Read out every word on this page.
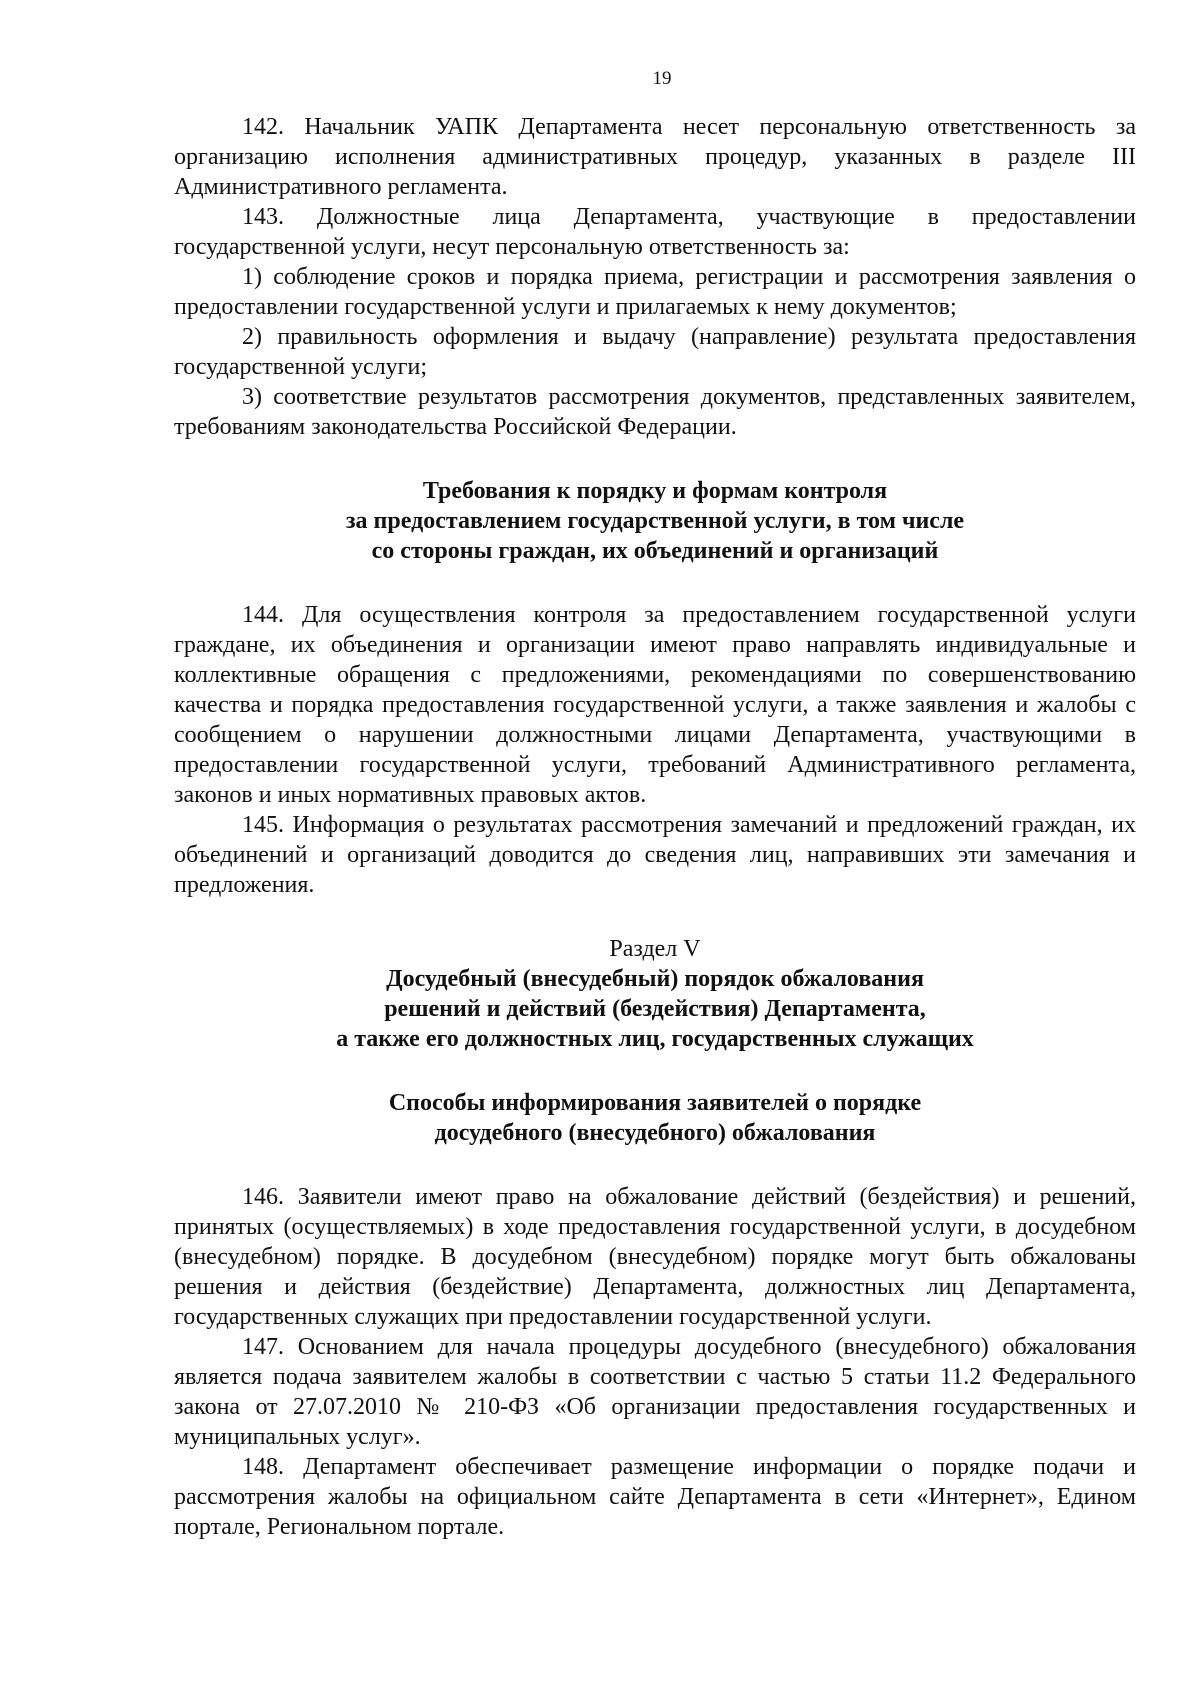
19

142. Начальник УАПК Департамента несет персональную ответственность за организацию исполнения административных процедур, указанных в разделе III Административного регламента.

143. Должностные лица Департамента, участвующие в предоставлении государственной услуги, несут персональную ответственность за:

1) соблюдение сроков и порядка приема, регистрации и рассмотрения заявления о предоставлении государственной услуги и прилагаемых к нему документов;

2) правильность оформления и выдачу (направление) результата предоставления государственной услуги;

3) соответствие результатов рассмотрения документов, представленных заявителем, требованиям законодательства Российской Федерации.

Требования к порядку и формам контроля
за предоставлением государственной услуги, в том числе
со стороны граждан, их объединений и организаций

144. Для осуществления контроля за предоставлением государственной услуги граждане, их объединения и организации имеют право направлять индивидуальные и коллективные обращения с предложениями, рекомендациями по совершенствованию качества и порядка предоставления государственной услуги, а также заявления и жалобы с сообщением о нарушении должностными лицами Департамента, участвующими в предоставлении государственной услуги, требований Административного регламента, законов и иных нормативных правовых актов.

145. Информация о результатах рассмотрения замечаний и предложений граждан, их объединений и организаций доводится до сведения лиц, направивших эти замечания и предложения.

Раздел V
Досудебный (внесудебный) порядок обжалования
решений и действий (бездействия) Департамента,
а также его должностных лиц, государственных служащих
Способы информирования заявителей о порядке
досудебного (внесудебного) обжалования

146. Заявители имеют право на обжалование действий (бездействия) и решений, принятых (осуществляемых) в ходе предоставления государственной услуги, в досудебном (внесудебном) порядке. В досудебном (внесудебном) порядке могут быть обжалованы решения и действия (бездействие) Департамента, должностных лиц Департамента, государственных служащих при предоставлении государственной услуги.

147. Основанием для начала процедуры досудебного (внесудебного) обжалования является подача заявителем жалобы в соответствии с частью 5 статьи 11.2 Федерального закона от 27.07.2010 № 210-ФЗ «Об организации предоставления государственных и муниципальных услуг».

148. Департамент обеспечивает размещение информации о порядке подачи и рассмотрения жалобы на официальном сайте Департамента в сети «Интернет», Едином портале, Региональном портале.
